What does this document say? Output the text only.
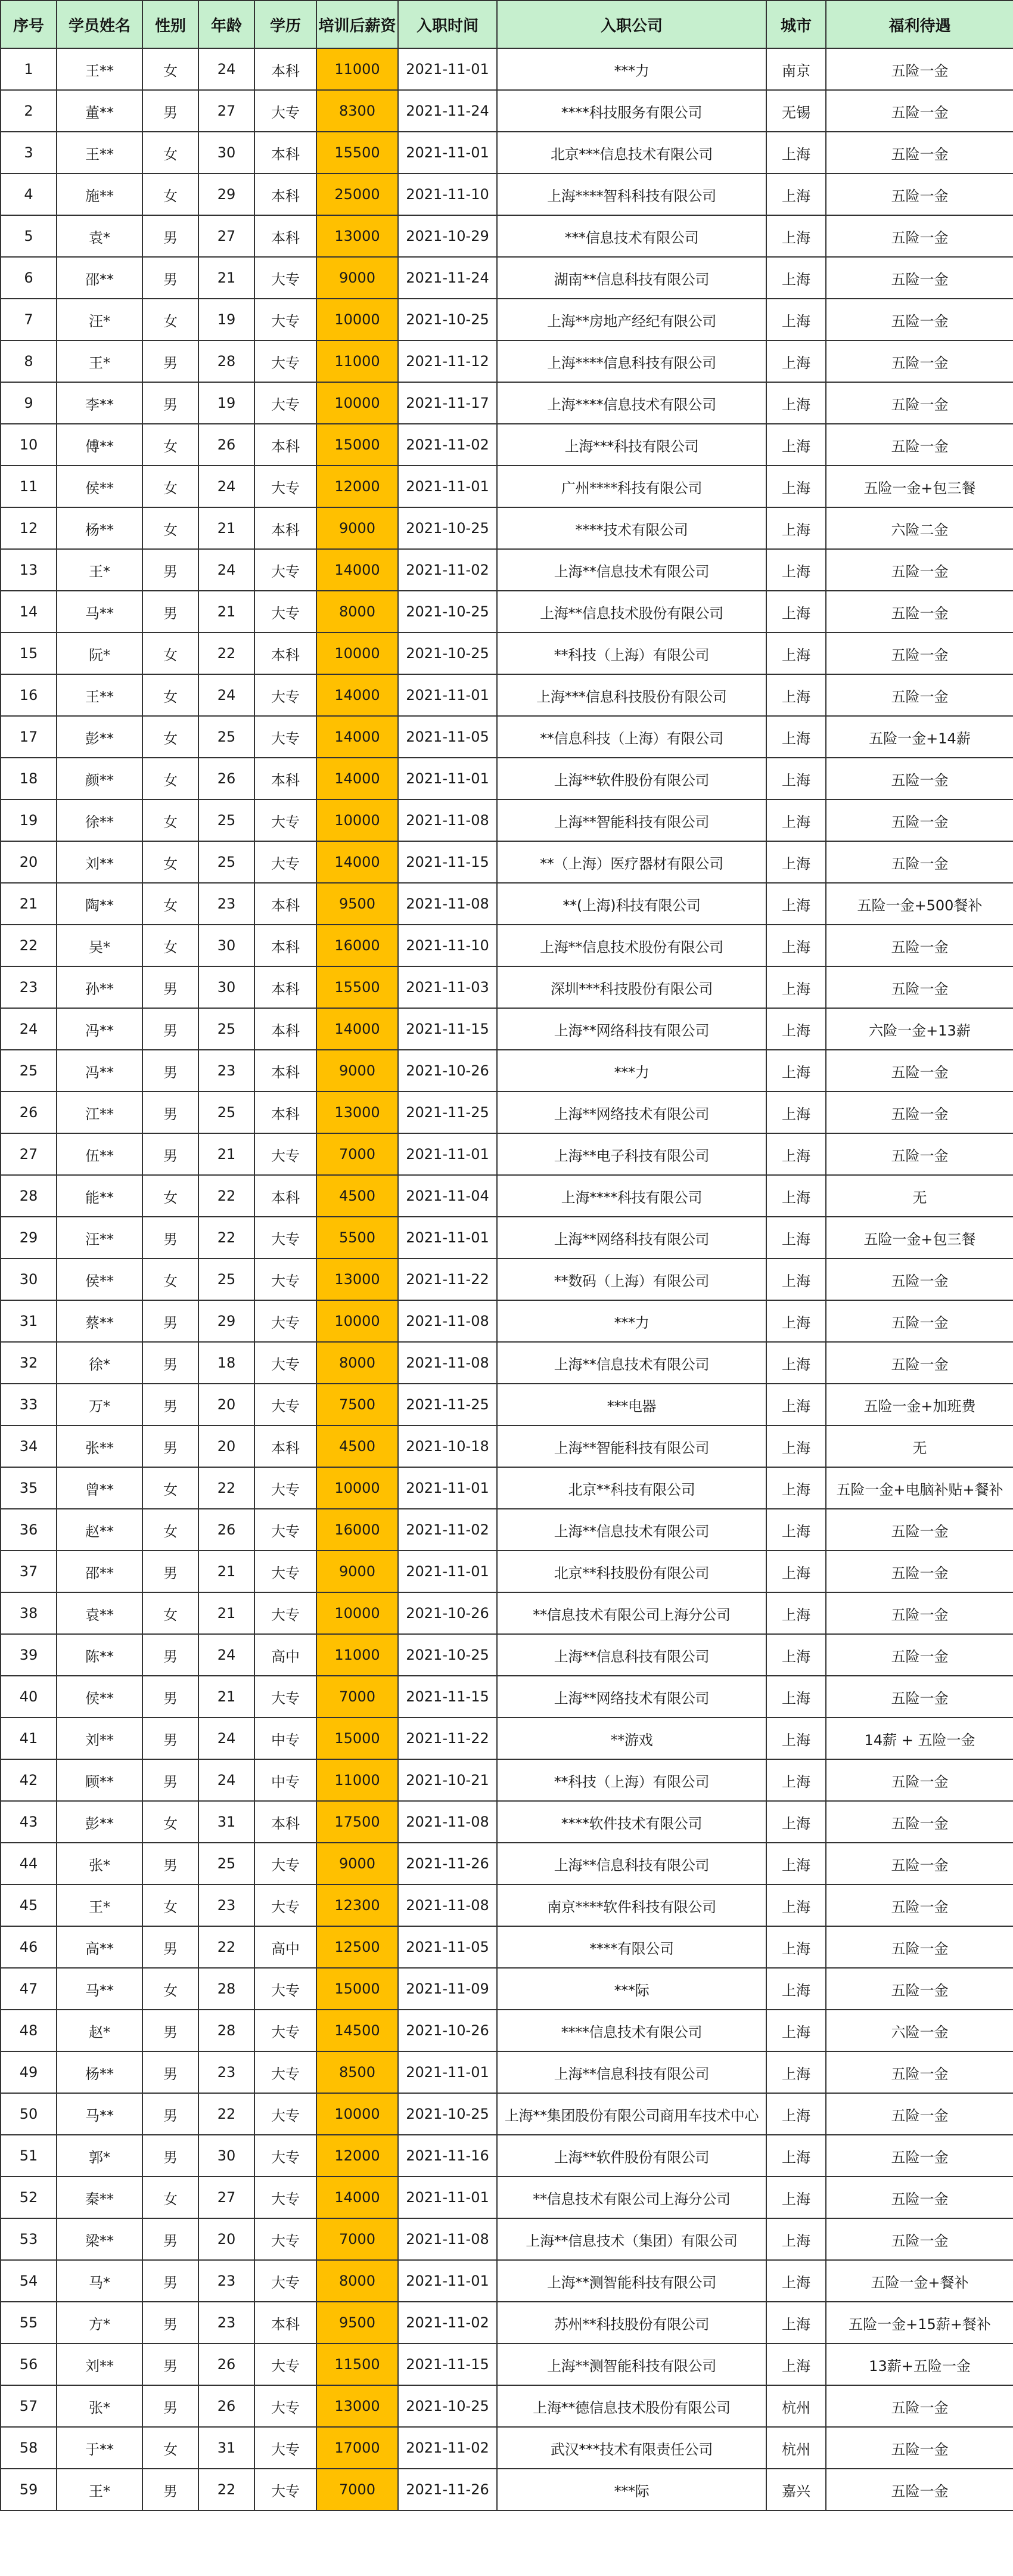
序号	学员姓名	性别	年龄	学历	培训后薪资	入职时间	入职公司	城市	福利待遇
1	王**	女	24	本科	11000	2021-11-01	***力	南京	五险一金
2	董**	男	27	大专	8300	2021-11-24	****科技服务有限公司	无锡	五险一金
3	王**	女	30	本科	15500	2021-11-01	北京***信息技术有限公司	上海	五险一金
4	施**	女	29	本科	25000	2021-11-10	上海****智科科技有限公司	上海	五险一金
5	袁*	男	27	本科	13000	2021-10-29	***信息技术有限公司	上海	五险一金
6	邵**	男	21	大专	9000	2021-11-24	湖南**信息科技有限公司	上海	五险一金
7	汪*	女	19	大专	10000	2021-10-25	上海**房地产经纪有限公司	上海	五险一金
8	王*	男	28	大专	11000	2021-11-12	上海****信息科技有限公司	上海	五险一金
9	李**	男	19	大专	10000	2021-11-17	上海****信息技术有限公司	上海	五险一金
10	傅**	女	26	本科	15000	2021-11-02	上海***科技有限公司	上海	五险一金
11	侯**	女	24	大专	12000	2021-11-01	广州****科技有限公司	上海	五险一金+包三餐
12	杨**	女	21	本科	9000	2021-10-25	****技术有限公司	上海	六险二金
13	王*	男	24	大专	14000	2021-11-02	上海**信息技术有限公司	上海	五险一金
14	马**	男	21	大专	8000	2021-10-25	上海**信息技术股份有限公司	上海	五险一金
15	阮*	女	22	本科	10000	2021-10-25	**科技（上海）有限公司	上海	五险一金
16	王**	女	24	大专	14000	2021-11-01	上海***信息科技股份有限公司	上海	五险一金
17	彭**	女	25	大专	14000	2021-11-05	**信息科技（上海）有限公司	上海	五险一金+14薪
18	颜**	女	26	本科	14000	2021-11-01	上海**软件股份有限公司	上海	五险一金
19	徐**	女	25	大专	10000	2021-11-08	上海**智能科技有限公司	上海	五险一金
20	刘**	女	25	大专	14000	2021-11-15	**（上海）医疗器材有限公司	上海	五险一金
21	陶**	女	23	本科	9500	2021-11-08	**(上海)科技有限公司	上海	五险一金+500餐补
22	吴*	女	30	本科	16000	2021-11-10	上海**信息技术股份有限公司	上海	五险一金
23	孙**	男	30	本科	15500	2021-11-03	深圳***科技股份有限公司	上海	五险一金
24	冯**	男	25	本科	14000	2021-11-15	上海**网络科技有限公司	上海	六险一金+13薪
25	冯**	男	23	本科	9000	2021-10-26	***力	上海	五险一金
26	江**	男	25	本科	13000	2021-11-25	上海**网络技术有限公司	上海	五险一金
27	伍**	男	21	大专	7000	2021-11-01	上海**电子科技有限公司	上海	五险一金
28	能**	女	22	本科	4500	2021-11-04	上海****科技有限公司	上海	无
29	汪**	男	22	大专	5500	2021-11-01	上海**网络科技有限公司	上海	五险一金+包三餐
30	侯**	女	25	大专	13000	2021-11-22	**数码（上海）有限公司	上海	五险一金
31	蔡**	男	29	大专	10000	2021-11-08	***力	上海	五险一金
32	徐*	男	18	大专	8000	2021-11-08	上海**信息技术有限公司	上海	五险一金
33	万*	男	20	大专	7500	2021-11-25	***电器	上海	五险一金+加班费
34	张**	男	20	本科	4500	2021-10-18	上海**智能科技有限公司	上海	无
35	曾**	女	22	大专	10000	2021-11-01	北京**科技有限公司	上海	五险一金+电脑补贴+餐补
36	赵**	女	26	大专	16000	2021-11-02	上海**信息技术有限公司	上海	五险一金
37	邵**	男	21	大专	9000	2021-11-01	北京**科技股份有限公司	上海	五险一金
38	袁**	女	21	大专	10000	2021-10-26	**信息技术有限公司上海分公司	上海	五险一金
39	陈**	男	24	高中	11000	2021-10-25	上海**信息科技有限公司	上海	五险一金
40	侯**	男	21	大专	7000	2021-11-15	上海**网络技术有限公司	上海	五险一金
41	刘**	男	24	中专	15000	2021-11-22	**游戏	上海	14薪 + 五险一金
42	顾**	男	24	中专	11000	2021-10-21	**科技（上海）有限公司	上海	五险一金
43	彭**	女	31	本科	17500	2021-11-08	****软件技术有限公司	上海	五险一金
44	张*	男	25	大专	9000	2021-11-26	上海**信息科技有限公司	上海	五险一金
45	王*	女	23	大专	12300	2021-11-08	南京****软件科技有限公司	上海	五险一金
46	高**	男	22	高中	12500	2021-11-05	****有限公司	上海	五险一金
47	马**	女	28	大专	15000	2021-11-09	***际	上海	五险一金
48	赵*	男	28	大专	14500	2021-10-26	****信息技术有限公司	上海	六险一金
49	杨**	男	23	大专	8500	2021-11-01	上海**信息科技有限公司	上海	五险一金
50	马**	男	22	大专	10000	2021-10-25	上海**集团股份有限公司商用车技术中心	上海	五险一金
51	郭*	男	30	大专	12000	2021-11-16	上海**软件股份有限公司	上海	五险一金
52	秦**	女	27	大专	14000	2021-11-01	**信息技术有限公司上海分公司	上海	五险一金
53	梁**	男	20	大专	7000	2021-11-08	上海**信息技术（集团）有限公司	上海	五险一金
54	马*	男	23	大专	8000	2021-11-01	上海**测智能科技有限公司	上海	五险一金+餐补
55	方*	男	23	本科	9500	2021-11-02	苏州**科技股份有限公司	上海	五险一金+15薪+餐补
56	刘**	男	26	大专	11500	2021-11-15	上海**测智能科技有限公司	上海	13薪+五险一金
57	张*	男	26	大专	13000	2021-10-25	上海**德信息技术股份有限公司	杭州	五险一金
58	于**	女	31	大专	17000	2021-11-02	武汉***技术有限责任公司	杭州	五险一金
59	王*	男	22	大专	7000	2021-11-26	***际	嘉兴	五险一金
